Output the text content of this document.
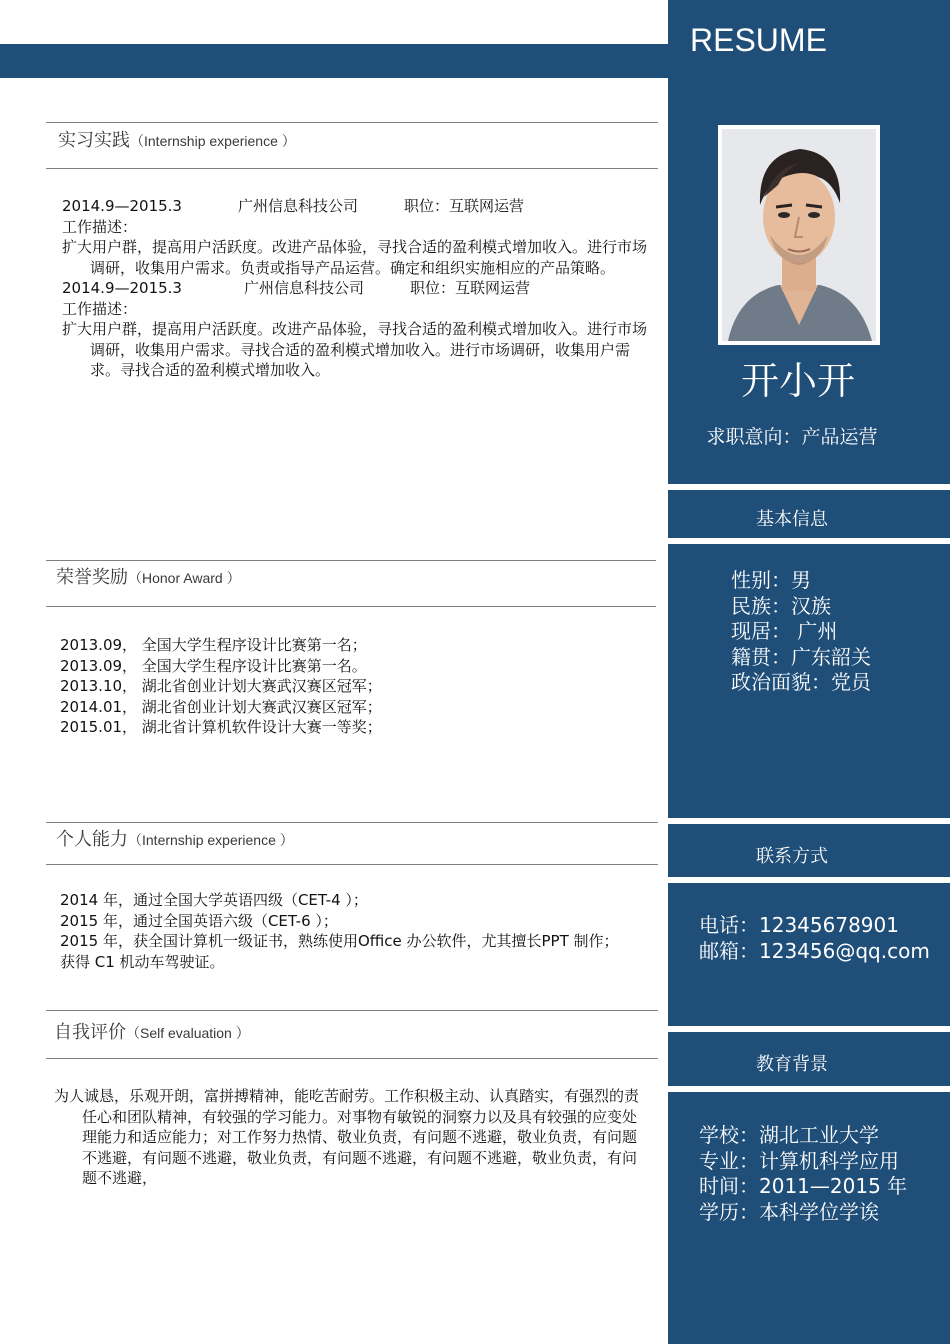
实习实践（Internship experience ）

2014.9—2015.3	广州信息科技公司	职位：互联网运营

工作描述：

扩大用户群，提高用户活跃度。改进产品体验，寻找合适的盈利模式增加收入。进行市场调研，收集用户需求。负责或指导产品运营。确定和组织实施相应的产品策略。

2014.9—2015.3	广州信息科技公司	职位：互联网运营

工作描述：

扩大用户群，提高用户活跃度。改进产品体验，寻找合适的盈利模式增加收入。进行市场调研，收集用户需求。寻找合适的盈利模式增加收入。进行市场调研，收集用户需求。寻找合适的盈利模式增加收入。

荣誉奖励（Honor Award ）

2013.09， 全国大学生程序设计比赛第一名；

2013.09， 全国大学生程序设计比赛第一名。

2013.10， 湖北省创业计划大赛武汉赛区冠军；

2014.01， 湖北省创业计划大赛武汉赛区冠军；

2015.01， 湖北省计算机软件设计大赛一等奖；

个人能力（Internship experience ）

2014 年，通过全国大学英语四级（CET-4 ）；

2015 年，通过全国英语六级（CET-6 ）；

2015 年，获全国计算机一级证书，熟练使用Office 办公软件，尤其擅长PPT 制作；

获得 C1 机动车驾驶证。

自我评价（Self evaluation ）

为人诚恳，乐观开朗，富拼搏精神，能吃苦耐劳。工作积极主动、认真踏实，有强烈的责任心和团队精神，有较强的学习能力。对事物有敏锐的洞察力以及具有较强的应变处理能力和适应能力；对工作努力热情、敬业负责，有问题不逃避，敬业负责，有问题不逃避，有问题不逃避，敬业负责，有问题不逃避，有问题不逃避，敬业负责，有问题不逃避，

RESUME
开小开
求职意向：产品运营
基本信息
性别：男
民族：汉族
现居： 广州
籍贯：广东韶关
政治面貌：党员
联系方式
电话：12345678901
邮箱：123456@qq.com
教育背景
学校：湖北工业大学
专业：计算机科学应用
时间：2011—2015 年
学历：本科学位学诶
